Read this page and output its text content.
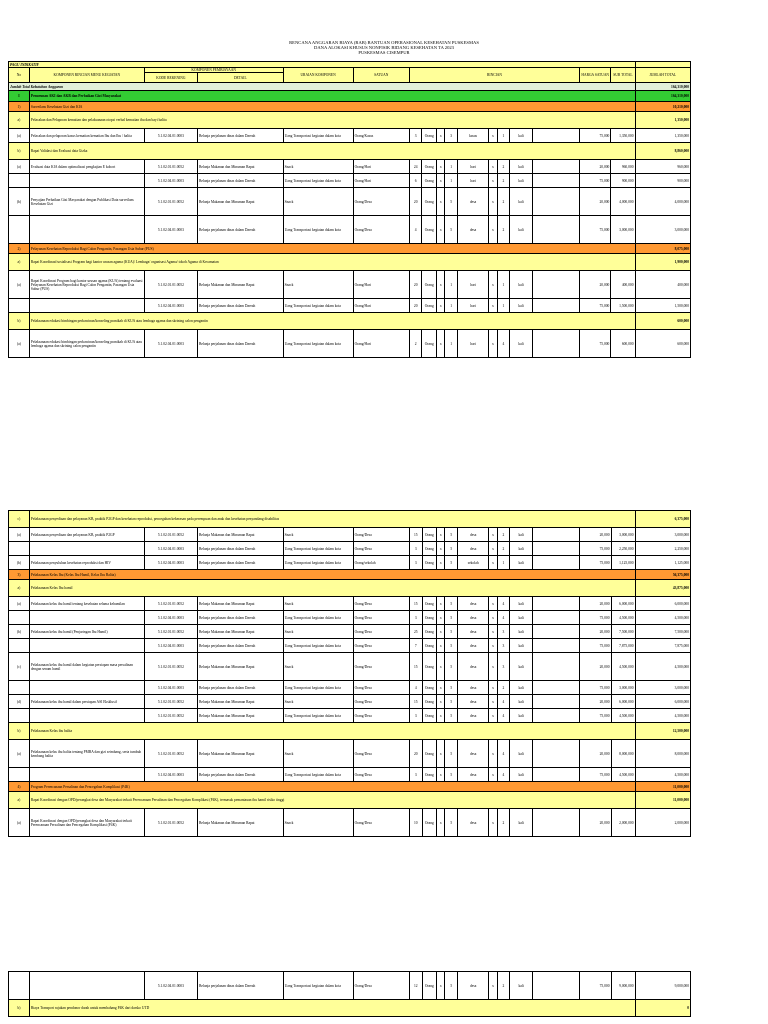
RENCANA ANGGARAN BIAYA (RAB) BANTUAN OPERASIONAL KESEHATAN PUSKESMAS
DANA ALOKASI KHUSUS NONFISIK BIDANG KESEHATAN TA 2023
PUSKESMAS CISEMPUR
PAGU INDIKATIF																	
No	KOMPONEN RINCIAN MENU KEGIATAN	KOMPONEN PEMBIAYAAN		URAIAN KOMPONEN	SATUAN	RINCIAN									HARGA SATUAN	SUB TOTAL	JUMLAH TOTAL
		KODE REKENING	DETAIL														
Jumlah Total Kebutuhan Anggaran																	164,310,000
I	Penurunan AKI dan AKB dan Perbaikan Gizi Masyarakat																164,310,000
1)	Surveilans Kesehatan Gizi dan KIA																10,210,000
a)	Pelacakan dan Pelaporan kematian dan pelaksanaan otopsi verbal kematian ibu dan bayi balita																1,350,000
(a)	Pelacakan dan pelaporan kasus kematian kematian Ibu dan Ibu / balita	5.1.02.04.01.0003	Belanja perjalanan dinas dalam Daerah	Uang Transportasi kegiatan dalam kota	Orang/Kasus	3	Orang	x	3	kasus	x	1	kali		75,000	1,350,000	1,350,000
b)	Rapat Validasi dan Evaluasi data Gizka																8,860,000
(a)	Evaluasi data KIA dalam optimalisasi pengkajian E kohort	5.1.02.01.01.0052	Belanja Makanan dan Minuman Rapat	Snack	Orang/Hari	24	Orang	x	1	hari	x	2	kali		20,000	960,000	960,000
		5.1.02.04.01.0003	Belanja perjalanan dinas dalam Daerah	Uang Transportasi kegiatan dalam kota	Orang/Hari	6	Orang	x	1	hari	x	2	kali		75,000	900,000	900,000
(b)	Penyajian Perbaikan Gizi Masyarakat dengan Publikasi Data surveilans Kesehatan Gizi	5.1.02.01.01.0052	Belanja Makanan dan Minuman Rapat	Snack	Orang/Desa	20	Orang	x	5	desa	x	2	kali		20,000	4,000,000	4,000,000
		5.1.02.04.01.0003	Belanja perjalanan dinas dalam Daerah	Uang Transportasi kegiatan dalam kota	Orang/Desa	4	Orang	x	5	desa	x	2	kali		75,000	3,000,000	3,000,000
2)	Pelayanan Kesehatan Reproduksi Bagi Calon Pengantin, Pasangan Usia Subur (PUS)																8,075,000
a)	Rapat Koordinasi/sosialisasi Program bagi kantor urusan agama (KUA)/ Lembaga/ organisasi Agama/ tokoh Agama di Kecamatan																1,900,000
(a)	Rapat Koordinasi Program bagi kantor urusan agama (KUA) tentang evaluasi Pelayanan Kesehatan Reproduksi Bagi Calon Pengantin, Pasangan Usia Subur (PUS)	5.1.02.01.01.0052	Belanja Makanan dan Minuman Rapat	Snack	Orang/Hari	20	Orang	x	1	hari	x	1	kali		20,000	400,000	400,000
		5.1.02.04.01.0003	Belanja perjalanan dinas dalam Daerah	Uang Transportasi kegiatan dalam kota	Orang/Hari	20	Orang	x	1	hari	x	1	kali		75,000	1,500,000	1,500,000
b)	Pelaksanaan edukasi bimbingan perkawinan/konseling pranikah di KUA atau lembaga agama dan skrining calon pengantin																600,000
(a)	Pelaksanaan edukasi bimbingan perkawinan/konseling pranikah di KUA atau lembaga agama dan skrining calon pengantin	5.1.02.04.01.0003	Belanja perjalanan dinas dalam Daerah	Uang Transportasi kegiatan dalam kota	Orang/Hari	2	Orang	x	1	hari	x	4	kali		75,000	600,000	600,000
c)	Pelaksanaan penyediaan dan pelayanan KB, praktik P2GP dan kesehatan reproduksi, pencegahan kekerasan pada perempuan dan anak dan kesehatan penyandang disabilitas																6,375,000
(a)	Pelaksanaan penyediaan dan pelayanan KB, praktik P2GP	5.1.02.01.01.0052	Belanja Makanan dan Minuman Rapat	Snack	Orang/Desa	15	Orang	x	5	desa	x	2	kali		20,000	3,000,000	3,000,000
		5.1.02.04.01.0003	Belanja perjalanan dinas dalam Daerah	Uang Transportasi kegiatan dalam kota	Orang/Desa	3	Orang	x	5	desa	x	2	kali		75,000	2,250,000	2,250,000
(b)	Pelaksanaan penyuluhan kesehatan reproduksi dan HIV	5.1.02.04.01.0003	Belanja perjalanan dinas dalam Daerah	Uang Transportasi kegiatan dalam kota	Orang/sekolah	3	Orang	x	5	sekolah	x	1	kali		75,000	1,125,000	1,125,000
3)	Pelaksanaan Kelas Ibu (Kelas Ibu Hamil, Kelas Ibu Balita)																56,375,000
a)	Pelaksanaan Kelas Ibu hamil																43,875,000
(a)	Pelaksanaan kelas ibu hamil tentang kesehatan selama kehamilan	5.1.02.01.01.0052	Belanja Makanan dan Minuman Rapat	Snack	Orang/Desa	15	Orang	x	5	desa	x	4	kali		20,000	6,000,000	6,000,000
		5.1.02.04.01.0003	Belanja perjalanan dinas dalam Daerah	Uang Transportasi kegiatan dalam kota	Orang/Desa	3	Orang	x	5	desa	x	4	kali		75,000	4,500,000	4,500,000
(b)	Pelaksanaan kelas ibu hamil (Penjaringan Ibu Hamil)	5.1.02.01.01.0052	Belanja Makanan dan Minuman Rapat	Snack	Orang/Desa	25	Orang	x	5	desa	x	3	kali		20,000	7,500,000	7,500,000
		5.1.02.04.01.0003	Belanja perjalanan dinas dalam Daerah	Uang Transportasi kegiatan dalam kota	Orang/Desa	7	Orang	x	5	desa	x	3	kali		75,000	7,875,000	7,875,000
(c)	Pelaksanaan kelas ibu hamil dalam kegiatan persiapan masa persalinan dengan senam hamil	5.1.02.01.01.0052	Belanja Makanan dan Minuman Rapat	Snack	Orang/Desa	15	Orang	x	5	desa	x	3	kali		20,000	4,500,000	4,500,000
		5.1.02.04.01.0003	Belanja perjalanan dinas dalam Daerah	Uang Transportasi kegiatan dalam kota	Orang/Desa	4	Orang	x	5	desa	x	2	kali		75,000	3,000,000	3,000,000
(d)	Pelaksanaan kelas ibu hamil dalam persiapan ASI Eksklusif	5.1.02.01.01.0052	Belanja Makanan dan Minuman Rapat	Snack	Orang/Desa	15	Orang	x	5	desa	x	4	kali		20,000	6,000,000	6,000,000
		5.1.02.01.01.0052	Belanja Makanan dan Minuman Rapat	Uang Transportasi kegiatan dalam kota	Orang/Desa	3	Orang	x	5	desa	x	4	kali		75,000	4,500,000	4,500,000
b)	Pelaksanaan Kelas ibu balita																12,500,000
(a)	Pelaksanaan kelas ibu balita tentang PMBA dan gizi seimbang, serta tumbuh kembang balita	5.1.02.01.01.0052	Belanja Makanan dan Minuman Rapat	Snack	Orang/Desa	20	Orang	x	5	desa	x	4	kali		20,000	8,000,000	8,000,000
		5.1.02.04.01.0003	Belanja perjalanan dinas dalam Daerah	Uang Transportasi kegiatan dalam kota	Orang/Desa	3	Orang	x	5	desa	x	4	kali		75,000	4,500,000	4,500,000
4)	Program Perencanaan Persalinan dan Pencegahan Komplikasi (P4K)																11,000,000
a)	Rapat Koordinasi dengan OPD/perangkat desa dan Masyarakat terkait Perencanaan Persalinan dan Pencegahan Komplikasi (P4K), termasuk pemantauan ibu hamil risiko tinggi																11,000,000
(a)	Rapat Koordinasi dengan OPD/perangkat desa dan Masyarakat terkait Perencanaan Persalinan dan Pencegahan Komplikasi (P4K)	5.1.02.01.01.0052	Belanja Makanan dan Minuman Rapat	Snack	Orang/Desa	10	Orang	x	5	desa	x	2	kali		20,000	2,000,000	2,000,000
		5.1.02.04.01.0003	Belanja perjalanan dinas dalam Daerah	Uang Transportasi kegiatan dalam kota	Orang/Desa	12	Orang	x	5	desa	x	2	kali		75,000	9,000,000	9,000,000
b)	Biaya Transport rujukan pendonor darah untuk membahang P4K dari darsko UTD																0
